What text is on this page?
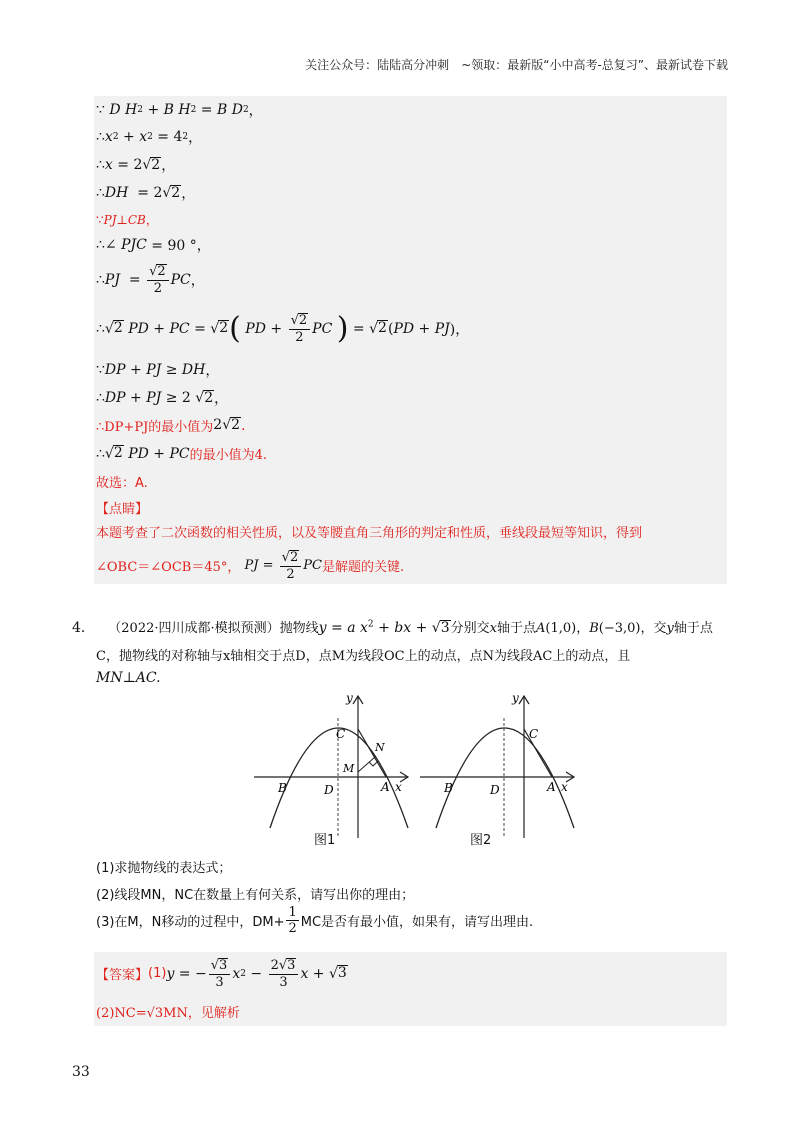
关注公众号：陆陆高分冲刺　~领取：最新版“小中高考-总复习”、最新试卷下载
∵ D H 2 + B H 2 = B D 2 ，
∴ x 2 + x 2 = 4 2 ，
∴ x = 2√ 2 ，
∴ DH = 2√ 2 ，
∵ PJ ⊥ CB ，
∴∠ PJC = 90 °，
∴ PJ = $\frac{√2}{2}$ PC ，
∴√ 2
PD + PC = √ 2 (
PD + $\frac{√2}{2}$ PC
) = √ 2 ( PD + PJ )，
∵ DP + PJ ≥ DH ，
∴ DP + PJ ≥ 2 √ 2 ，
∴DP+PJ的最小值为 2√2 .
∴√ 2
PD + PC 的最小值为4.
故选：A.
【点睛】
本题考查了二次函数的相关性质，以及等腰直角三角形的判定和性质，垂线段最短等知识，得到
∠OBC＝∠OCB＝45°，
PJ = $\frac{√2}{2}$ PC 是解题的关键.
4． （2022·四川成都·模拟预测）抛物线y = a $x^2$ + bx + √3分别交x轴于点A(1,0)，B(−3,0)，交y轴于点
C，抛物线的对称轴与x轴相交于点D，点M为线段OC上的动点，点N为线段AC上的动点，且
MN⊥AC.
y
C
N
M
B	D	A x
y
C
B	D	A x
图1	图2
(1)求抛物线的表达式；
(2)线段MN，NC在数量上有何关系，请写出你的理由；
(3)在M，N移动的过程中，$DM+ \frac{1}{2}$ MC是否有最小值，如果有，请写出理由.
【答案】 (1) y = − $\frac{√3}{3}$ x $2 - \frac{2√3}{3}$ x + √ 3
(2)NC=√3MN，见解析
33
